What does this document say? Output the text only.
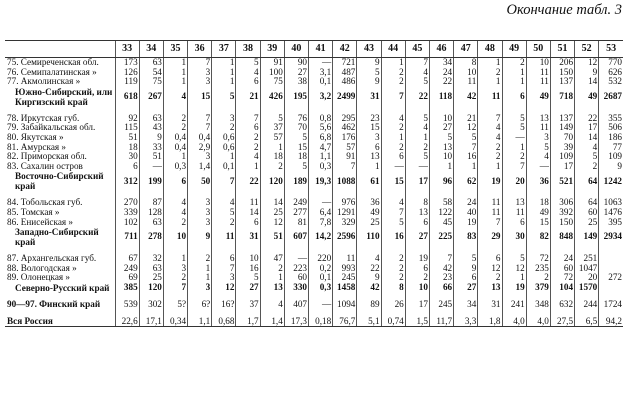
Окончание табл. 3
	33	34	35	36	37	38	39	40	41	42	43	44	45	46	47	48	49	50	51	52	53
75. Семиреченская обл.	173	63	1	7	1	5	91	90	—	721	9	1	7	34	8	1	2	10	206	12	770
76. Семипалатинская »	126	54	1	3	1	4	100	27	3,1	487	5	2	4	24	10	2	1	11	150	9	626
77. Акмолинская »	119	75	1	3	1	6	75	38	0,1	486	9	2	5	22	11	1	1	11	137	14	532
Южно-Сибирский, или Киргизский край	618	267	4	15	5	21	426	195	3,2	2499	31	7	22	118	42	11	6	49	718	49	2687

78. Иркутская губ.	92	63	2	7	3	7	5	76	0,8	295	23	4	5	10	21	7	5	13	137	22	355
79. Забайкальская обл.	115	43	2	7	2	6	37	70	5,6	462	15	2	4	27	12	4	5	11	149	17	506
80. Якутская »	51	9	0,4	0,4	0,6	2	57	5	6,8	176	3	1	1	5	5	4	—	3	70	14	186
81. Амурская »	18	33	0,4	2,9	0,6	2	1	15	4,7	57	6	2	2	13	7	2	1	5	39	4	77
82. Приморская обл.	30	51	1	3	1	4	18	18	1,1	91	13	6	5	10	16	2	2	4	109	5	109
83. Сахалин остров	6	—	0,3	1,4	0,1	1	2	5	0,3	7	1	—	—	1	1	1	7	—	17	2	9
Восточно-Сибирский край	312	199	6	50	7	22	120	189	19,3	1088	61	15	17	96	62	19	20	36	521	64	1242

84. Тобольская губ.	270	87	4	3	4	11	14	249	—	976	36	4	8	58	24	11	13	18	306	64	1063
85. Томская »	339	128	4	3	5	14	25	277	6,4	1291	49	7	13	122	40	11	11	49	392	60	1476
86. Енисейская »	102	63	2	3	2	6	12	81	7,8	329	25	5	6	45	19	7	6	15	150	25	395
Западно-Сибирский край	711	278	10	9	11	31	51	607	14,2	2596	110	16	27	225	83	29	30	82	848	149	2934

87. Архангельская губ.	67	32	1	2	6	10	47	—	220	11	4	2	19	7	5	6	5	72	24	251	
88. Вологодская »	249	63	3	1	7	16	2	223	0,2	993	22	2	6	42	9	12	12	235	60	1047	
89. Олонецкая »	69	25	2	1	3	5	1	60	0,1	245	9	2	2	23	6	2	1	2	72	20	272
Северно-Русский край	385	120	7	3	12	27	13	330	0,3	1458	42	8	10	66	27	13	19	379	104	1570	

90—97. Финский край	539	302	5?	6?	16?	37	4	407	—	1094	89	26	17	245	34	31	241	348	632	244	1724

Вся Россия	22,6	17,1	0,34	1,1	0,68	1,7	1,4	17,3	0,18	76,7	5,1	0,74	1,5	11,7	3,3	1,8	4,0	4,0	27,5	6,5	94,2
